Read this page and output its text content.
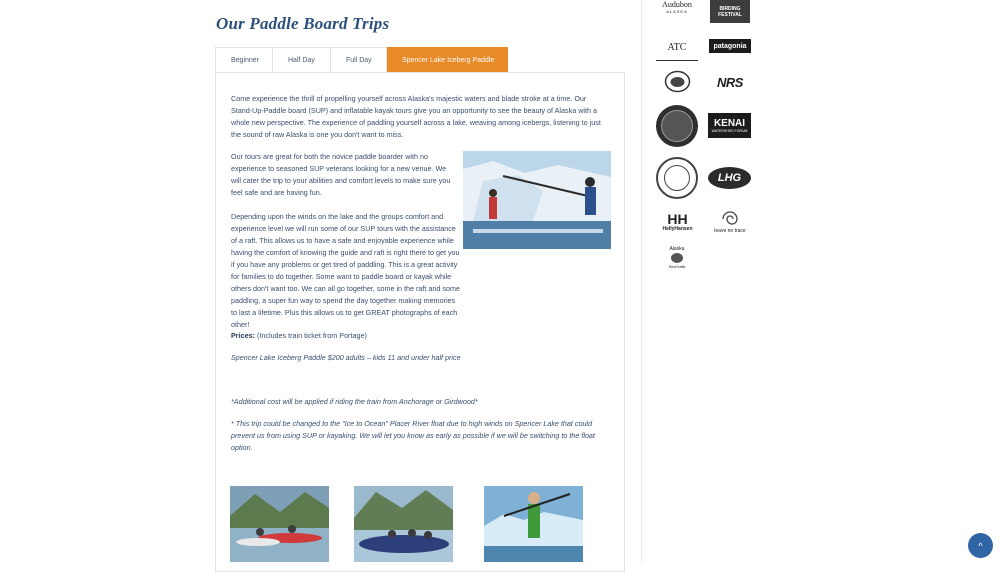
Our Paddle Board Trips
Beginner	Half Day	Full Day	Spencer Lake Iceberg Paddle

Come experience the thrill of propelling yourself across Alaska's majestic waters and blade stroke at a time. Our Stand-Up-Paddle board (SUP) and inflatable kayak tours give you an opportunity to see the beauty of Alaska with a whole new perspective. The experience of paddling yourself across a lake, weaving among icebergs, listening to just the sound of raw Alaska is one you don't want to miss.

Our tours are great for both the novice paddle boarder with no experience to seasoned SUP veterans looking for a new venue. We will cater the trip to your abilities and comfort levels to make sure you feel safe and are having fun.

Depending upon the winds on the lake and the groups comfort and experience level we will run some of our SUP tours with the assistance of a raft. This allows us to have a safe and enjoyable experience while having the comfort of knowing the guide and raft is right there to get you if you have any problems or get tired of paddling. This is a great activity for families to do together. Some want to paddle board or kayak while others don't want too. We can all go together, some in the raft and some paddling, a super fun way to spend the day together making memories to last a lifetime. Plus this allows us to get GREAT photographs of each other!

Prices: (Includes train ticket from Portage)

Spencer Lake Iceberg Paddle $200 adults – kids 11 and under half price

*Additional cost will be applied if riding the train from Anchorage or Girdwood*

* This trip could be changed to the "Ice to Ocean" Placer River float due to high winds on Spencer Lake that could prevent us from using SUP or kayaking. We will let you know as early as possible if we will be switching to the float option.

Audubon
ALASKA	BIRDING FESTIVAL
ATC	patagonia
NRS
KENAI
WATERSHED FORUM
LHG
HH
HellyHansen	leave no trace
Alaska
SeaTrails
^
